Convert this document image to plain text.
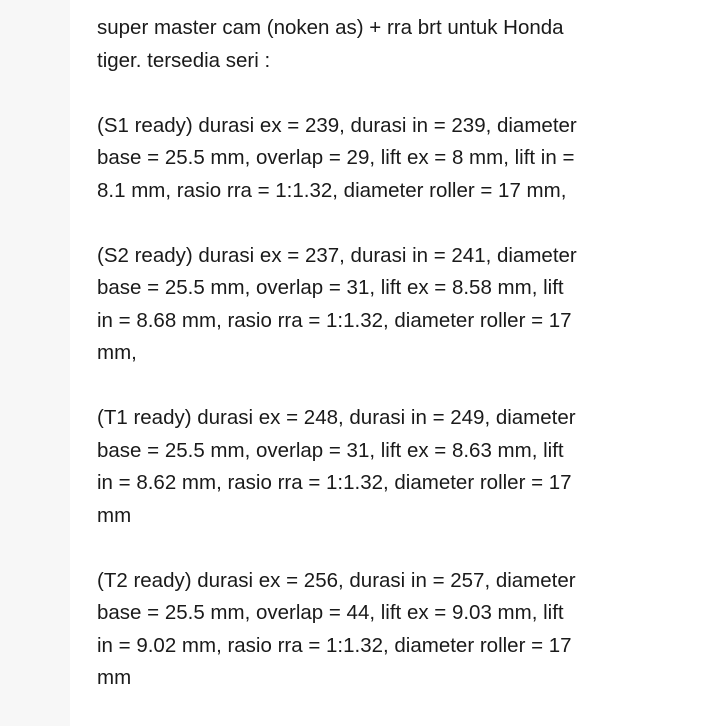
super master cam (noken as) + rra brt untuk Honda
tiger. tersedia seri :
(S1 ready) durasi ex = 239, durasi in = 239, diameter
base = 25.5 mm, overlap = 29, lift ex = 8 mm, lift in =
8.1 mm, rasio rra = 1:1.32, diameter roller = 17 mm,
(S2 ready) durasi ex = 237, durasi in = 241, diameter
base = 25.5 mm, overlap = 31, lift ex = 8.58 mm, lift
in = 8.68 mm, rasio rra = 1:1.32, diameter roller = 17
mm,
(T1 ready) durasi ex = 248, durasi in = 249, diameter
base = 25.5 mm, overlap = 31, lift ex = 8.63 mm, lift
in = 8.62 mm, rasio rra = 1:1.32, diameter roller = 17
mm
(T2 ready) durasi ex = 256, durasi in = 257, diameter
base = 25.5 mm, overlap = 44, lift ex = 9.03 mm, lift
in = 9.02 mm, rasio rra = 1:1.32, diameter roller = 17
mm
